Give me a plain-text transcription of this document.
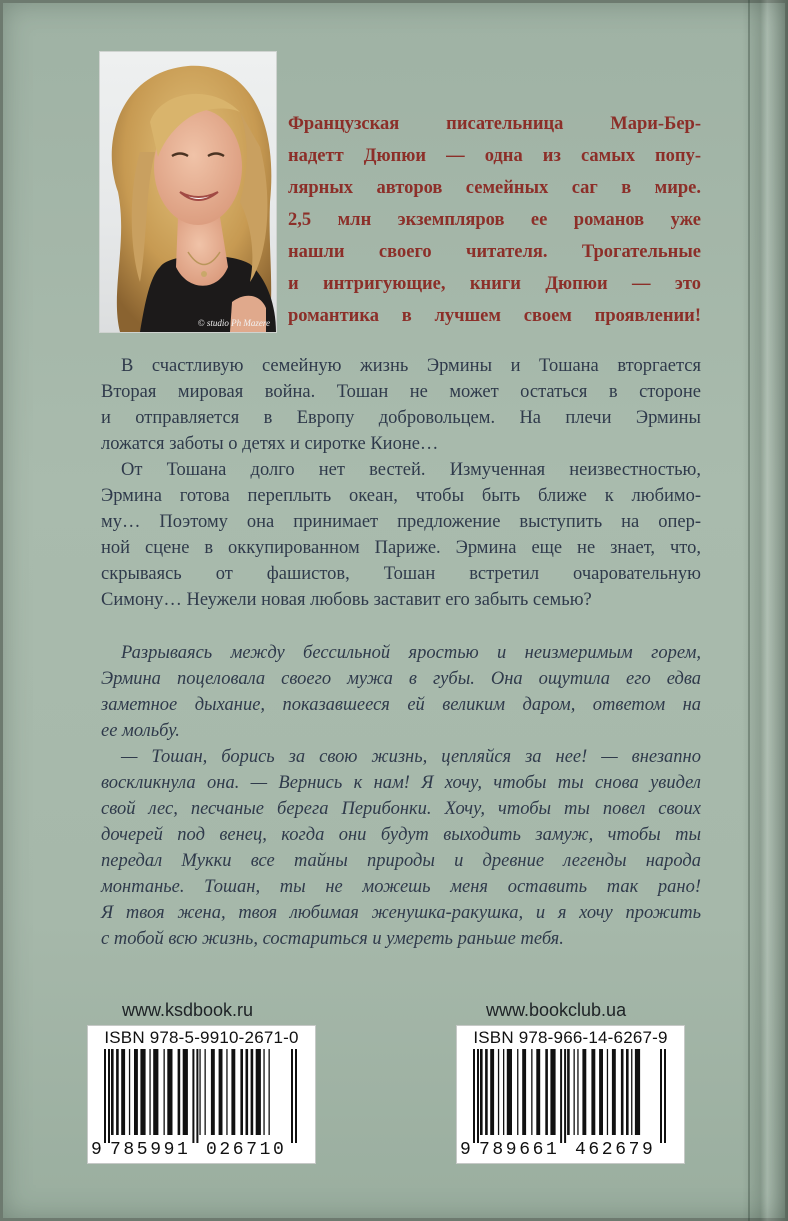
© studio Ph Mazere
Французская писательница Мари-Бер-
надетт Дюпюи — одна из самых попу-
лярных авторов семейных саг в мире.
2,5 млн экземпляров ее романов уже
нашли своего читателя. Трогательные
и интригующие, книги Дюпюи — это
романтика в лучшем своем проявлении!
В счастливую семейную жизнь Эрмины и Тошана вторгается
Вторая мировая война. Тошан не может остаться в стороне
и отправляется в Европу добровольцем. На плечи Эрмины
ложатся заботы о детях и сиротке Кионе…
От Тошана долго нет вестей. Измученная неизвестностью,
Эрмина готова переплыть океан, чтобы быть ближе к любимо-
му… Поэтому она принимает предложение выступить на опер-
ной сцене в оккупированном Париже. Эрмина еще не знает, что,
скрываясь от фашистов, Тошан встретил очаровательную
Симону… Неужели новая любовь заставит его забыть семью?
Разрываясь между бессильной яростью и неизмеримым горем,
Эрмина поцеловала своего мужа в губы. Она ощутила его едва
заметное дыхание, показавшееся ей великим даром, ответом на
ее мольбу.
— Тошан, борись за свою жизнь, цепляйся за нее! — внезапно
воскликнула она. — Вернись к нам! Я хочу, чтобы ты снова увидел
свой лес, песчаные берега Перибонки. Хочу, чтобы ты повел своих
дочерей под венец, когда они будут выходить замуж, чтобы ты
передал Мукки все тайны природы и древние легенды народа
монтанье. Тошан, ты не можешь меня оставить так рано!
Я твоя жена, твоя любимая женушка-ракушка, и я хочу прожить
с тобой всю жизнь, состариться и умереть раньше тебя.
www.ksdbook.ru	www.bookclub.ua
ISBN 978-5-9910-2671-0
9 785991 026710
ISBN 978-966-14-6267-9
9 789661 462679
